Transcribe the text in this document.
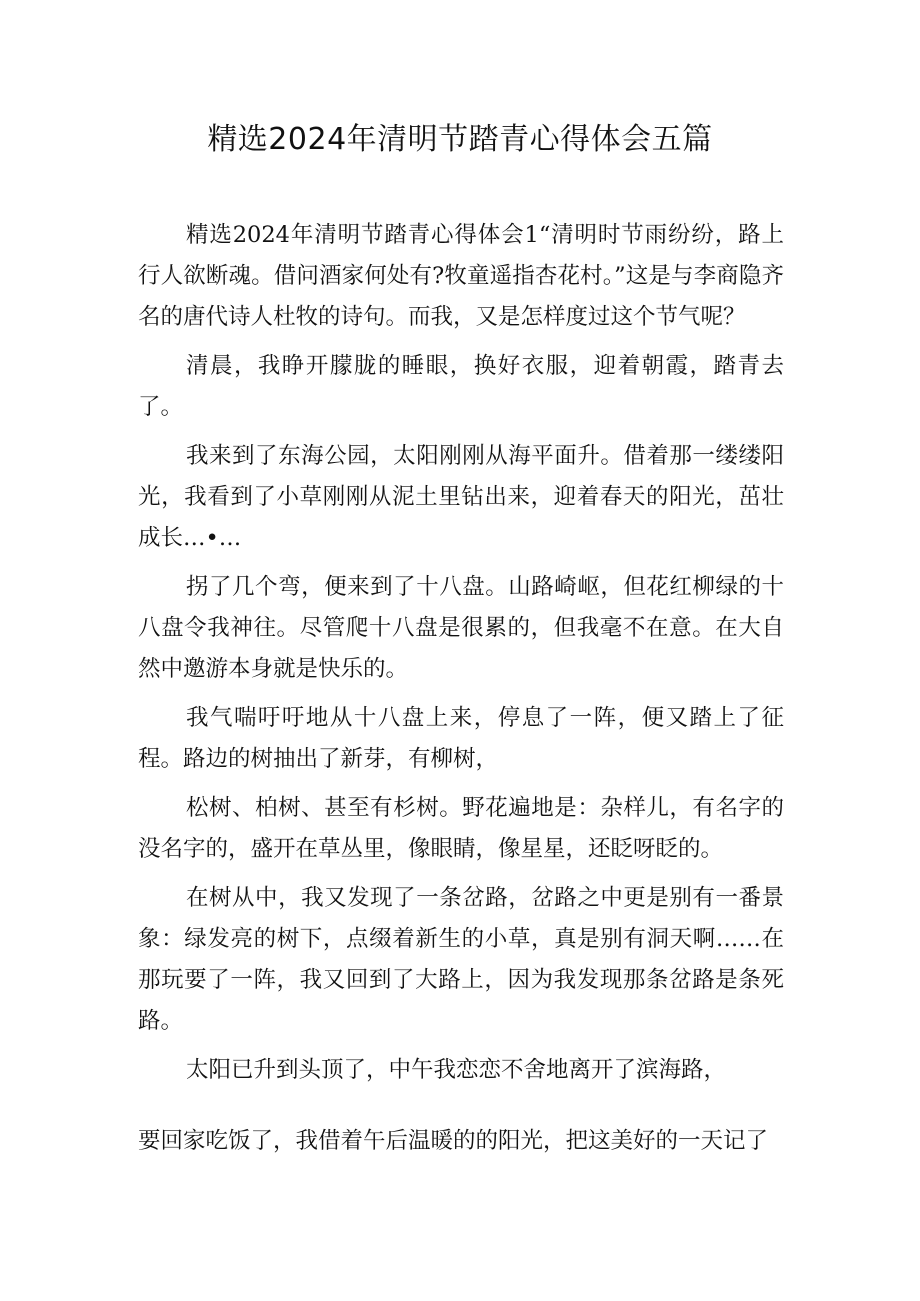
精选2024年清明节踏青心得体会五篇

精选2024年清明节踏青心得体会1“清明时节雨纷纷，路上行人欲断魂。借问酒家何处有?牧童遥指杏花村。”这是与李商隐齐名的唐代诗人杜牧的诗句。而我，又是怎样度过这个节气呢？

清晨，我睁开朦胧的睡眼，换好衣服，迎着朝霞，踏青去了。

我来到了东海公园，太阳刚刚从海平面升。借着那一缕缕阳光，我看到了小草刚刚从泥土里钻出来，迎着春天的阳光，茁壮成长…•…

拐了几个弯，便来到了十八盘。山路崎岖，但花红柳绿的十八盘令我神往。尽管爬十八盘是很累的，但我毫不在意。在大自然中邀游本身就是快乐的。

我气喘吁吁地从十八盘上来，停息了一阵，便又踏上了征程。路边的树抽出了新芽，有柳树，

松树、柏树、甚至有杉树。野花遍地是：杂样儿，有名字的没名字的，盛开在草丛里，像眼睛，像星星，还眨呀眨的。

在树从中，我又发现了一条岔路，岔路之中更是别有一番景象：绿发亮的树下，点缀着新生的小草，真是别有洞天啊……在那玩要了一阵，我又回到了大路上，因为我发现那条岔路是条死路。

太阳已升到头顶了，中午我恋恋不舍地离开了滨海路，

要回家吃饭了，我借着午后温暖的的阳光，把这美好的一天记了
